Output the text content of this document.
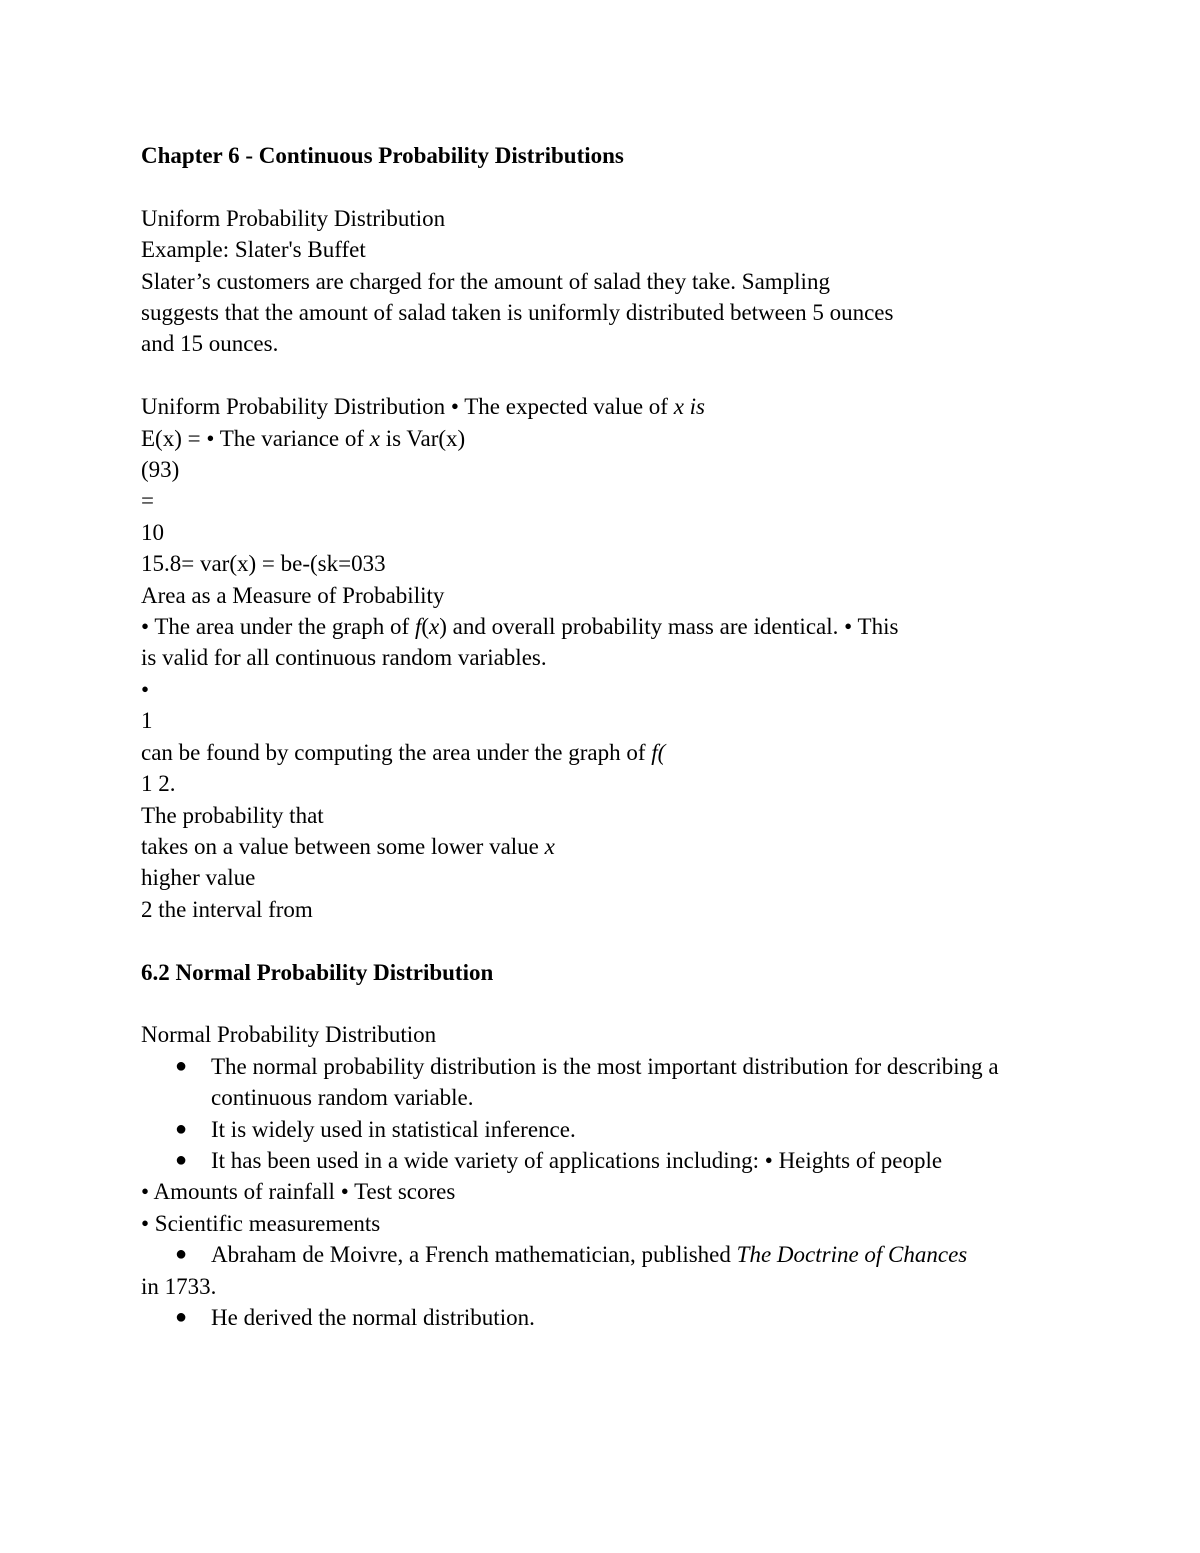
Chapter 6 - Continuous Probability Distributions

Uniform Probability Distribution

Example: Slater's Buffet

Slater’s customers are charged for the amount of salad they take. Sampling

suggests that the amount of salad taken is uniformly distributed between 5 ounces

and 15 ounces.

Uniform Probability Distribution • The expected value of x is

E(x) = • The variance of x is Var(x)

(93)

=

10

15.8= var(x) = be-(sk=033

Area as a Measure of Probability

• The area under the graph of f(x) and overall probability mass are identical. • This

is valid for all continuous random variables.

•

1

can be found by computing the area under the graph of f(

1 2.

The probability that

takes on a value between some lower value x

higher value

2 the interval from

6.2 Normal Probability Distribution

Normal Probability Distribution

● The normal probability distribution is the most important distribution for describing a continuous random variable.
● It is widely used in statistical inference.
● It has been used in a wide variety of applications including: • Heights of people

• Amounts of rainfall • Test scores

• Scientific measurements

● Abraham de Moivre, a French mathematician, published The Doctrine of Chances

in 1733.

● He derived the normal distribution.
